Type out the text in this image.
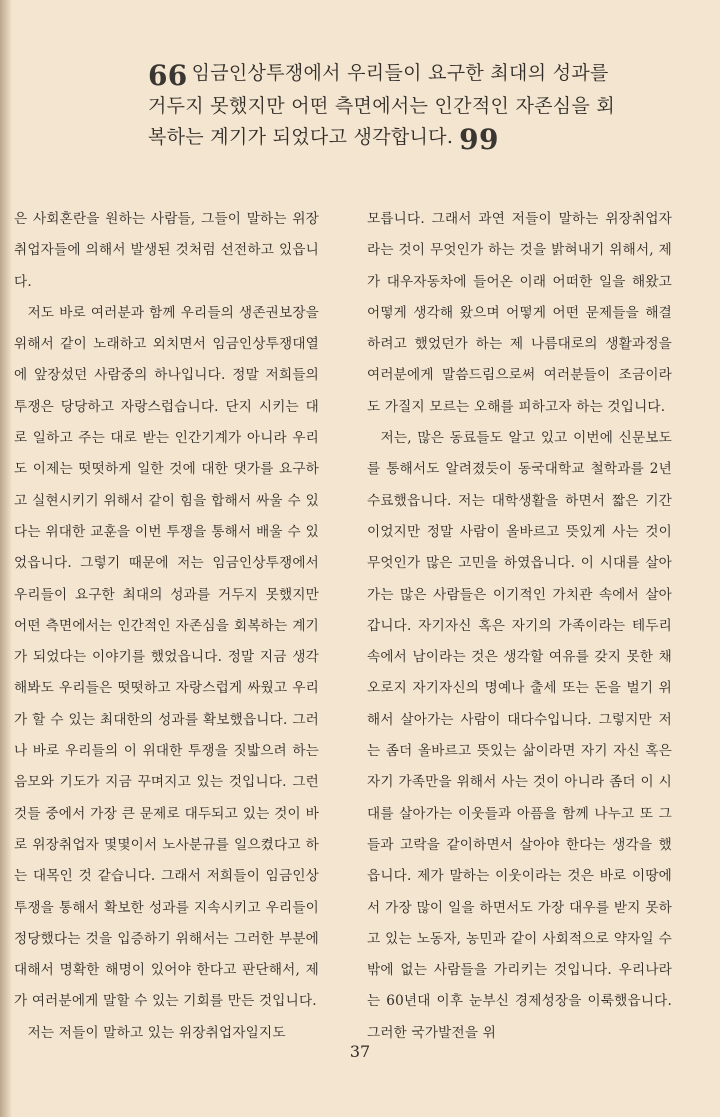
66 임금인상투쟁에서 우리들이 요구한 최대의 성과를 거두지 못했지만 어떤 측면에서는 인간적인 자존심을 회복하는 계기가 되었다고 생각합니다. 99

은 사회혼란을 원하는 사람들, 그들이 말하는 위장취업자들에 의해서 발생된 것처럼 선전하고 있읍니다.

저도 바로 여러분과 함께 우리들의 생존권보장을 위해서 같이 노래하고 외치면서 임금인상투쟁대열에 앞장섰던 사람중의 하나입니다. 정말 저희들의 투쟁은 당당하고 자랑스럽습니다. 단지 시키는 대로 일하고 주는 대로 받는 인간기계가 아니라 우리도 이제는 떳떳하게 일한 것에 대한 댓가를 요구하고 실현시키기 위해서 같이 힘을 합해서 싸울 수 있다는 위대한 교훈을 이번 투쟁을 통해서 배울 수 있었읍니다. 그렇기 때문에 저는 임금인상투쟁에서 우리들이 요구한 최대의 성과를 거두지 못했지만 어떤 측면에서는 인간적인 자존심을 회복하는 계기가 되었다는 이야기를 했었읍니다. 정말 지금 생각해봐도 우리들은 떳떳하고 자랑스럽게 싸웠고 우리가 할 수 있는 최대한의 성과를 확보했읍니다. 그러나 바로 우리들의 이 위대한 투쟁을 짓밟으려 하는 음모와 기도가 지금 꾸며지고 있는 것입니다. 그런 것들 중에서 가장 큰 문제로 대두되고 있는 것이 바로 위장취업자 몇몇이서 노사분규를 일으켰다고 하는 대목인 것 같습니다. 그래서 저희들이 임금인상투쟁을 통해서 확보한 성과를 지속시키고 우리들이 정당했다는 것을 입증하기 위해서는 그러한 부분에 대해서 명확한 해명이 있어야 한다고 판단해서, 제가 여러분에게 말할 수 있는 기회를 만든 것입니다.

저는 저들이 말하고 있는 위장취업자일지도

모릅니다. 그래서 과연 저들이 말하는 위장취업자라는 것이 무엇인가 하는 것을 밝혀내기 위해서, 제가 대우자동차에 들어온 이래 어떠한 일을 해왔고 어떻게 생각해 왔으며 어떻게 어떤 문제들을 해결하려고 했었던가 하는 제 나름대로의 생활과정을 여러분에게 말씀드림으로써 여러분들이 조금이라도 가질지 모르는 오해를 피하고자 하는 것입니다.

저는, 많은 동료들도 알고 있고 이번에 신문보도를 통해서도 알려졌듯이 동국대학교 철학과를 2년 수료했읍니다. 저는 대학생활을 하면서 짧은 기간이었지만 정말 사람이 올바르고 뜻있게 사는 것이 무엇인가 많은 고민을 하였읍니다. 이 시대를 살아가는 많은 사람들은 이기적인 가치관 속에서 살아갑니다. 자기자신 혹은 자기의 가족이라는 테두리 속에서 남이라는 것은 생각할 여유를 갖지 못한 채 오로지 자기자신의 명예나 출세 또는 돈을 벌기 위해서 살아가는 사람이 대다수입니다. 그렇지만 저는 좀더 올바르고 뜻있는 삶이라면 자기 자신 혹은 자기 가족만을 위해서 사는 것이 아니라 좀더 이 시대를 살아가는 이웃들과 아픔을 함께 나누고 또 그들과 고락을 같이하면서 살아야 한다는 생각을 했읍니다. 제가 말하는 이웃이라는 것은 바로 이땅에서 가장 많이 일을 하면서도 가장 대우를 받지 못하고 있는 노동자, 농민과 같이 사회적으로 약자일 수밖에 없는 사람들을 가리키는 것입니다. 우리나라는 60년대 이후 눈부신 경제성장을 이룩했읍니다. 그러한 국가발전을 위

37
